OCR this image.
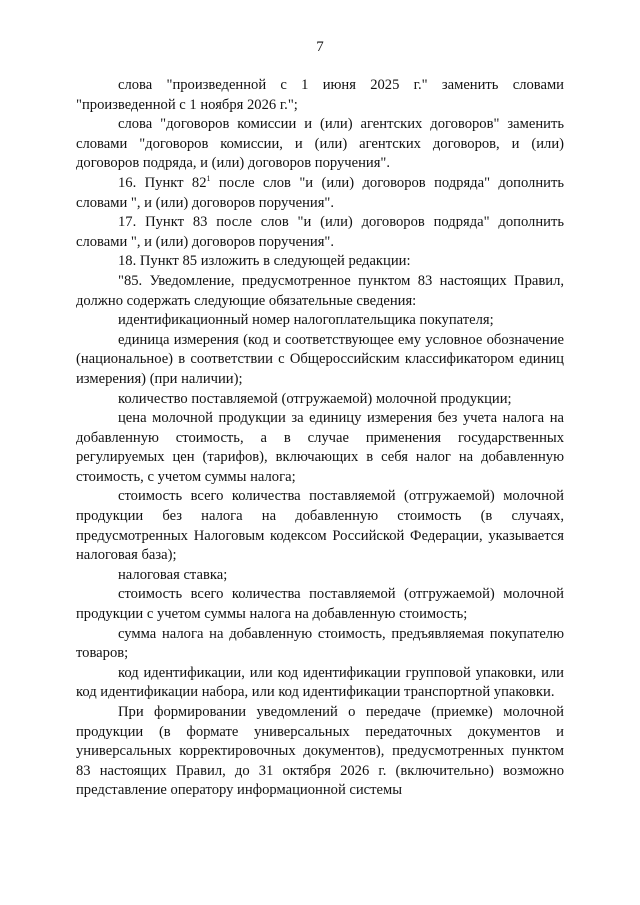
7

слова "произведенной с 1 июня 2025 г." заменить словами "произведенной с 1 ноября 2026 г.";

слова "договоров комиссии и (или) агентских договоров" заменить словами "договоров комиссии, и (или) агентских договоров, и (или) договоров подряда, и (или) договоров поручения".

16. Пункт $82^1$ после слов "и (или) договоров подряда" дополнить словами ", и (или) договоров поручения".

17. Пункт 83 после слов "и (или) договоров подряда" дополнить словами ", и (или) договоров поручения".

18. Пункт 85 изложить в следующей редакции:

"85. Уведомление, предусмотренное пунктом 83 настоящих Правил, должно содержать следующие обязательные сведения:

идентификационный номер налогоплательщика покупателя;

единица измерения (код и соответствующее ему условное обозначение (национальное) в соответствии с Общероссийским классификатором единиц измерения) (при наличии);

количество поставляемой (отгружаемой) молочной продукции;

цена молочной продукции за единицу измерения без учета налога на добавленную стоимость, а в случае применения государственных регулируемых цен (тарифов), включающих в себя налог на добавленную стоимость, с учетом суммы налога;

стоимость всего количества поставляемой (отгружаемой) молочной продукции без налога на добавленную стоимость (в случаях, предусмотренных Налоговым кодексом Российской Федерации, указывается налоговая база);

налоговая ставка;

стоимость всего количества поставляемой (отгружаемой) молочной продукции с учетом суммы налога на добавленную стоимость;

сумма налога на добавленную стоимость, предъявляемая покупателю товаров;

код идентификации, или код идентификации групповой упаковки, или код идентификации набора, или код идентификации транспортной упаковки.

При формировании уведомлений о передаче (приемке) молочной продукции (в формате универсальных передаточных документов и универсальных корректировочных документов), предусмотренных пунктом 83 настоящих Правил, до 31 октября 2026 г. (включительно) возможно представление оператору информационной системы
